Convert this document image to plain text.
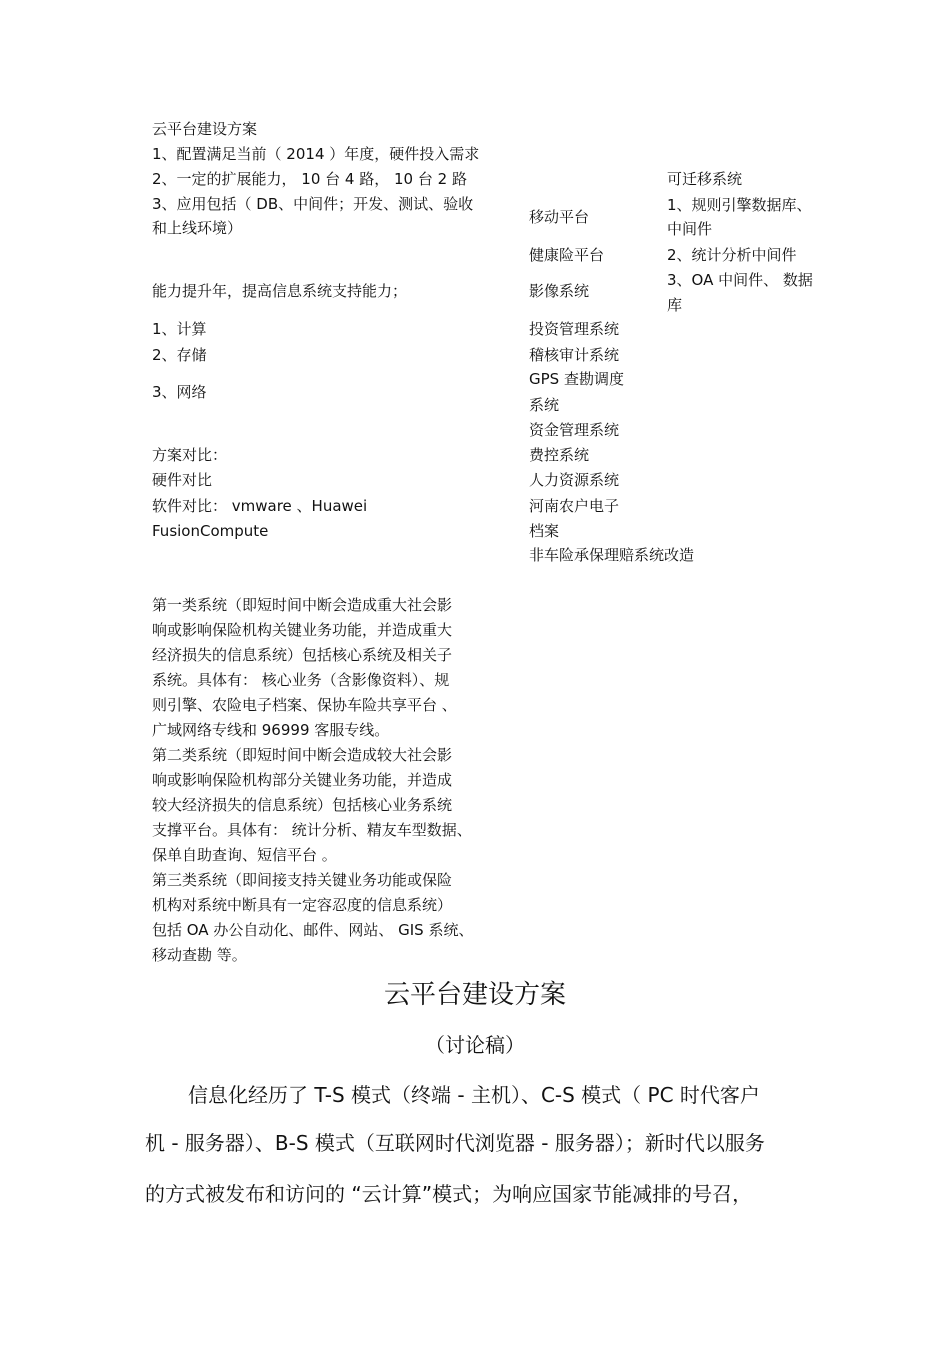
云平台建设方案
1、配置满足当前（ 2014 ）年度，硬件投入需求
2、一定的扩展能力， 10 台 4 路， 10 台 2 路
3、应用包括（ DB、中间件；开发、测试、验收
和上线环境）
能力提升年，提高信息系统支持能力；
1、计算
2、存储
3、网络
方案对比：
硬件对比
软件对比： vmware 、Huawei
FusionCompute
第一类系统（即短时间中断会造成重大社会影
响或影响保险机构关键业务功能，并造成重大
经济损失的信息系统）包括核心系统及相关子
系统。具体有： 核心业务（含影像资料）、规
则引擎、农险电子档案、保协车险共享平台 、
广域网络专线和 96999 客服专线。
第二类系统（即短时间中断会造成较大社会影
响或影响保险机构部分关键业务功能，并造成
较大经济损失的信息系统）包括核心业务系统
支撑平台。具体有： 统计分析、精友车型数据、
保单自助查询、短信平台 。
第三类系统（即间接支持关键业务功能或保险
机构对系统中断具有一定容忍度的信息系统）
包括 OA 办公自动化、邮件、网站、 GIS 系统、
移动查勘 等。
移动平台
健康险平台
影像系统
投资管理系统
稽核审计系统
GPS 查勘调度
系统
资金管理系统
费控系统
人力资源系统
河南农户电子
档案
非车险承保理赔系统改造
可迁移系统
1、规则引擎数据库、
中间件
2、统计分析中间件
3、OA 中间件、 数据
库
云平台建设方案
（讨论稿）
信息化经历了 T-S 模式（终端 - 主机）、C-S 模式（ PC 时代客户
机 - 服务器）、B-S 模式（互联网时代浏览器 - 服务器）；新时代以服务
的方式被发布和访问的 “云计算”模式；为响应国家节能减排的号召，
